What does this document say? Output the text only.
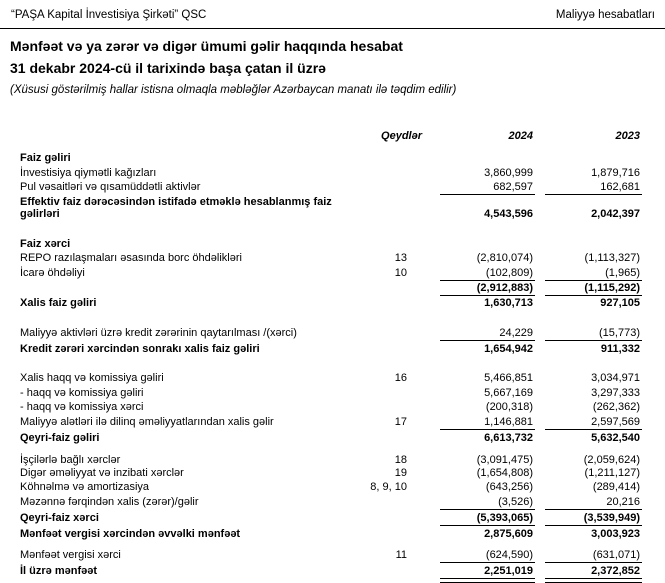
“PAŞA Kapital İnvestisiya Şirkəti” QSC	Maliyyə hesabatları
Mənfəət və ya zərər və digər ümumi gəlir haqqında hesabat
31 dekabr 2024-cü il tarixində başa çatan il üzrə
(Xüsusi göstərilmiş hallar istisna olmaqla məbləğlər Azərbaycan manatı ilə təqdim edilir)
Qeydlər	2024	2023
Faiz gəliri
İnvestisiya qiymətli kağızları	3,860,999	1,879,716
Pul vəsaitləri və qısamüddətli aktivlər	682,597	162,681
Effektiv faiz dərəcəsindən istifadə etməklə hesablanmış faiz gəlirləri	4,543,596	2,042,397
Faiz xərci
REPO razılaşmaları əsasında borc öhdəlikləri	13	(2,810,074)	(1,113,327)
İcarə öhdəliyi	10	(102,809)	(1,965)
(2,912,883)	(1,115,292)
Xalis faiz gəliri	1,630,713	927,105
Maliyyə aktivləri üzrə kredit zərərinin qaytarılması /(xərci)	24,229	(15,773)
Kredit zərəri xərcindən sonrakı xalis faiz gəliri	1,654,942	911,332
Xalis haqq və komissiya gəliri	16	5,466,851	3,034,971
- haqq və komissiya gəliri	5,667,169	3,297,333
- haqq və komissiya xərci	(200,318)	(262,362)
Maliyyə alətləri ilə dilinq əməliyyatlarından xalis gəlir	17	1,146,881	2,597,569
Qeyri-faiz gəliri	6,613,732	5,632,540
İşçilərlə bağlı xərclər	18	(3,091,475)	(2,059,624)
Digər əməliyyat və inzibati xərclər	19	(1,654,808)	(1,211,127)
Köhnəlmə və amortizasiya	8, 9, 10	(643,256)	(289,414)
Məzənnə fərqindən xalis (zərər)/gəlir	(3,526)	20,216
Qeyri-faiz xərci	(5,393,065)	(3,539,949)
Mənfəət vergisi xərcindən əvvəlki mənfəət	2,875,609	3,003,923
Mənfəət vergisi xərci	11	(624,590)	(631,071)
İl üzrə mənfəət	2,251,019	2,372,852
